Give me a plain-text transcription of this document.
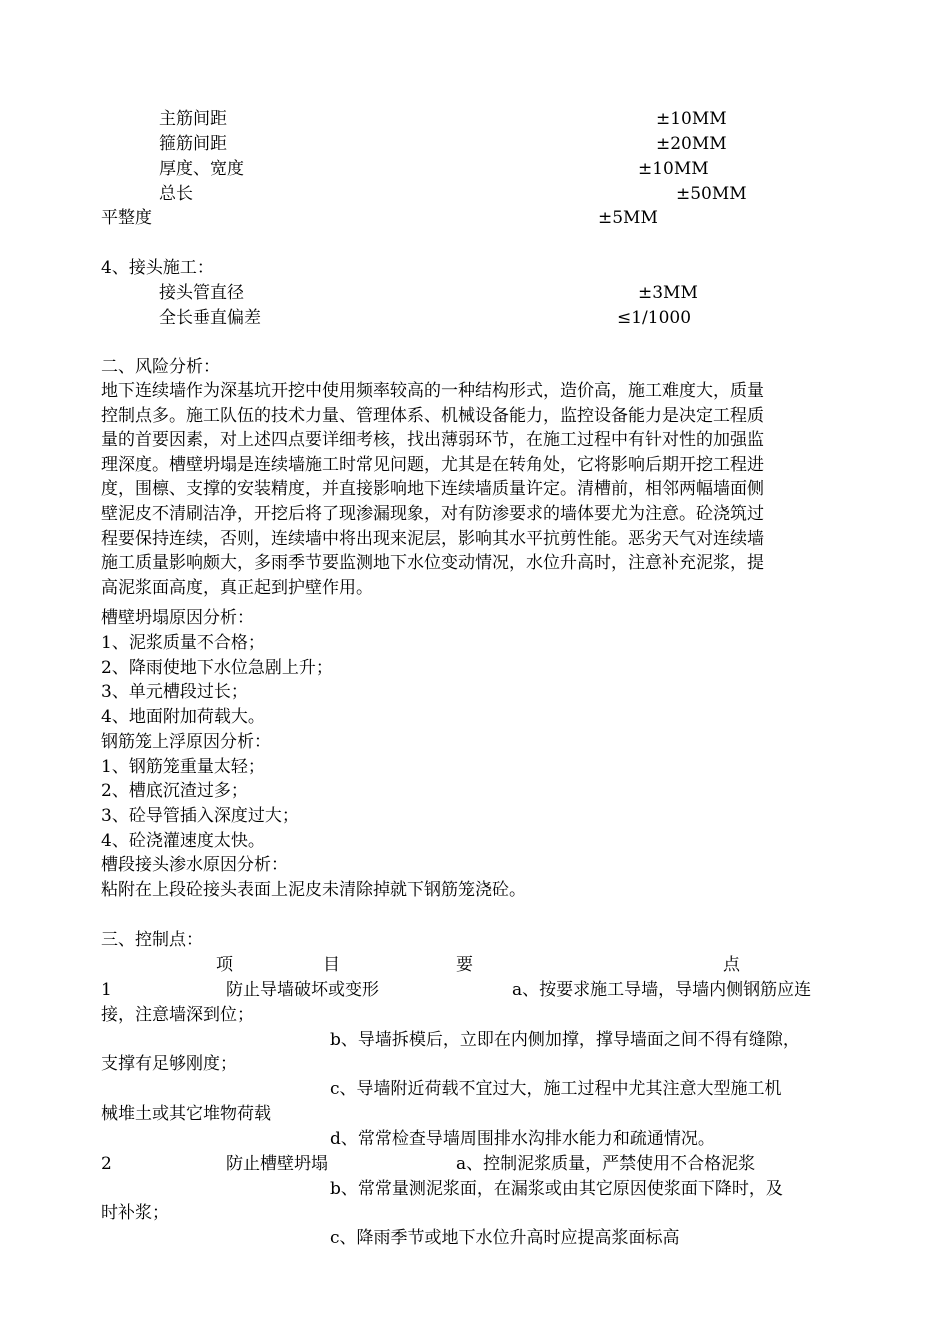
主筋间距	±10MM
箍筋间距	±20MM
厚度、宽度	±10MM
总长	±50MM
平整度	±5MM
4、接头施工：
接头管直径	±3MM
全长垂直偏差	≤1/1000
二、风险分析：
地下连续墙作为深基坑开挖中使用频率较高的一种结构形式，造价高，施工难度大，质量
控制点多。施工队伍的技术力量、管理体系、机械设备能力，监控设备能力是决定工程质
量的首要因素，对上述四点要详细考核，找出薄弱环节，在施工过程中有针对性的加强监
理深度。槽壁坍塌是连续墙施工时常见问题，尤其是在转角处，它将影响后期开挖工程进
度，围檩、支撑的安装精度，并直接影响地下连续墙质量许定。清槽前，相邻两幅墙面侧
壁泥皮不清刷洁净，开挖后将了现渗漏现象，对有防渗要求的墙体要尤为注意。砼浇筑过
程要保持连续，否则，连续墙中将出现来泥层，影响其水平抗剪性能。恶劣天气对连续墙
施工质量影响颇大，多雨季节要监测地下水位变动情况，水位升高时，注意补充泥浆，提
高泥浆面高度，真正起到护壁作用。
槽壁坍塌原因分析：
1、泥浆质量不合格；
2、降雨使地下水位急剧上升；
3、单元槽段过长；
4、地面附加荷载大。
钢筋笼上浮原因分析：
1、钢筋笼重量太轻；
2、槽底沉渣过多；
3、砼导管插入深度过大；
4、砼浇灌速度太快。
槽段接头渗水原因分析：
粘附在上段砼接头表面上泥皮未清除掉就下钢筋笼浇砼。
三、控制点：
项	目	要	点
1	防止导墙破坏或变形	a、按要求施工导墙，导墙内侧钢筋应连
接，注意墙深到位；
b、导墙拆模后，立即在内侧加撑，撑导墙面之间不得有缝隙，
支撑有足够刚度；
c、导墙附近荷载不宜过大，施工过程中尤其注意大型施工机
械堆土或其它堆物荷载
d、常常检查导墙周围排水沟排水能力和疏通情况。
2	防止槽壁坍塌	a、控制泥浆质量，严禁使用不合格泥浆
b、常常量测泥浆面，在漏浆或由其它原因使浆面下降时，及
时补浆；
c、降雨季节或地下水位升高时应提高浆面标高
